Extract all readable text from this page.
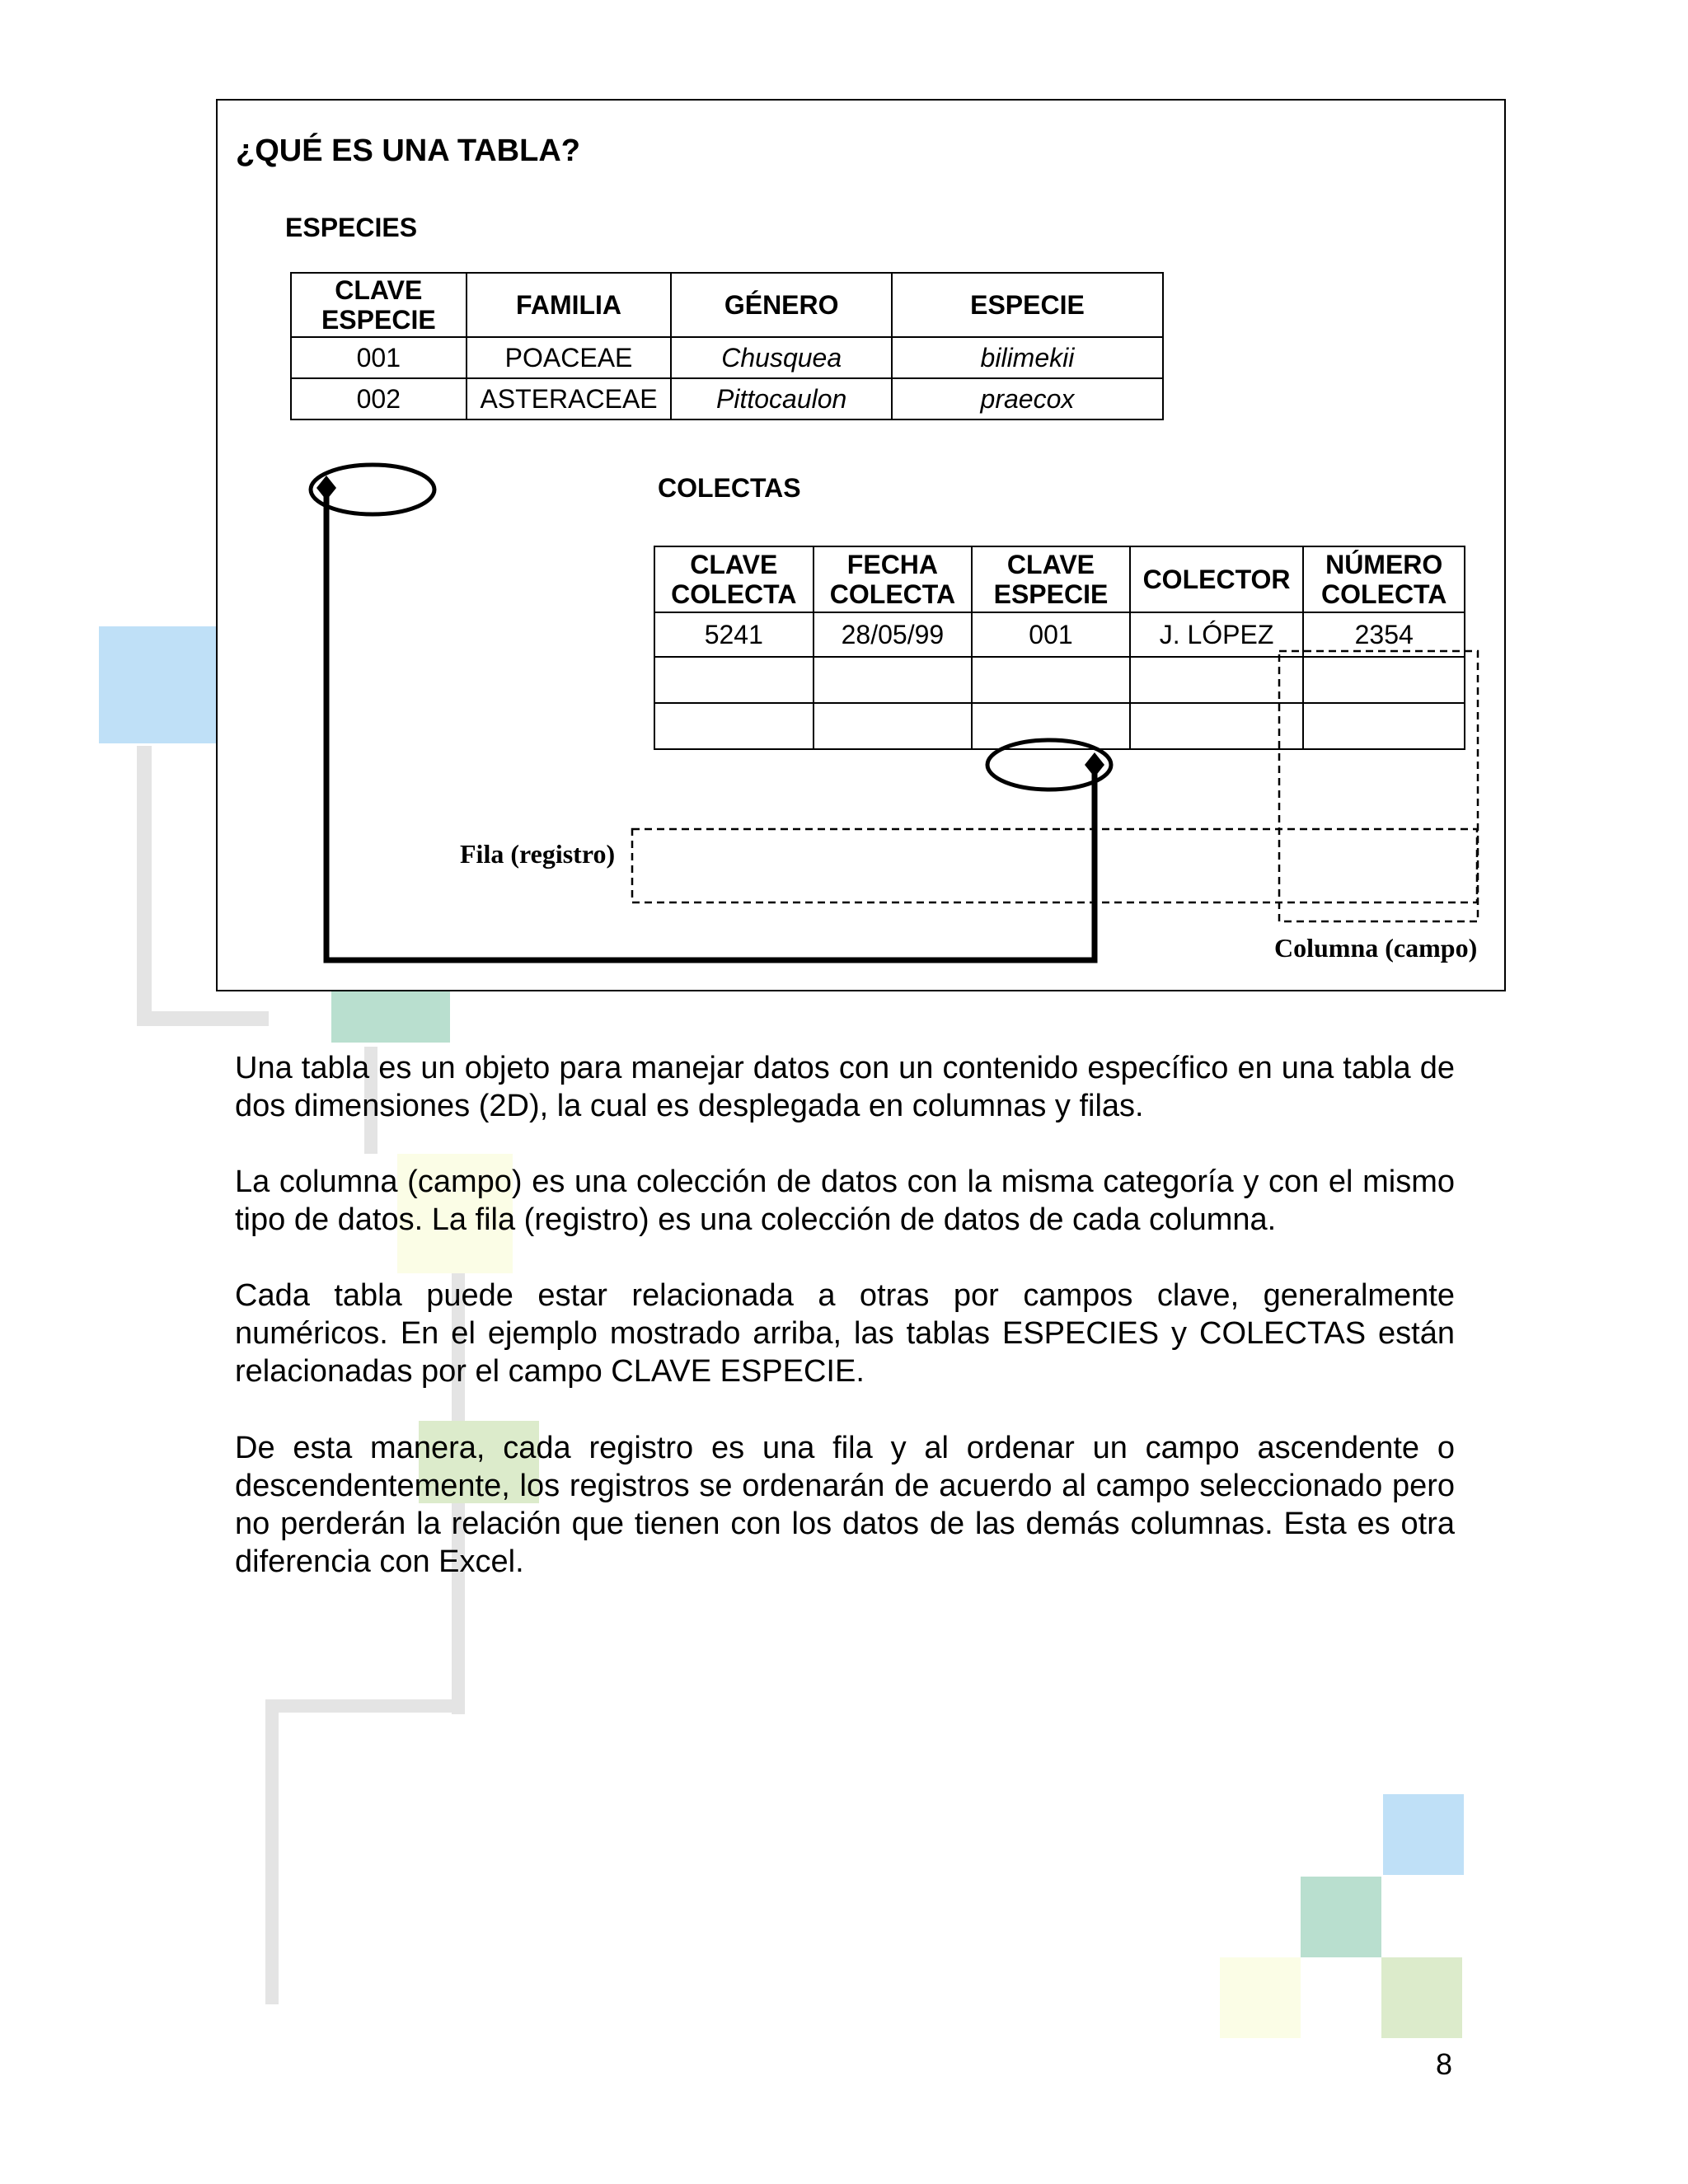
¿QUÉ ES UNA TABLA?
ESPECIES
CLAVE ESPECIE	FAMILIA	GÉNERO	ESPECIE
001	POACEAE	Chusquea	bilimekii
002	ASTERACEAE	Pittocaulon	praecox
COLECTAS
CLAVE COLECTA	FECHA COLECTA	CLAVE ESPECIE	COLECTOR	NÚMERO COLECTA
5241	28/05/99	001	J. LÓPEZ	2354

Fila (registro)
Columna (campo)

Una tabla es un objeto para manejar datos con un contenido específico en una tabla de dos dimensiones (2D), la cual es desplegada en columnas y filas.

La columna (campo) es una colección de datos con la misma categoría y con el mismo tipo de datos. La fila (registro) es una colección de datos de cada columna.

Cada tabla puede estar relacionada a otras por campos clave, generalmente numéricos. En el ejemplo mostrado arriba, las tablas ESPECIES y COLECTAS están relacionadas por el campo CLAVE ESPECIE.

De esta manera, cada registro es una fila y al ordenar un campo ascendente o descendentemente, los registros se ordenarán de acuerdo al campo seleccionado pero no perderán la relación que tienen con los datos de las demás columnas. Esta es otra diferencia con Excel.

8
